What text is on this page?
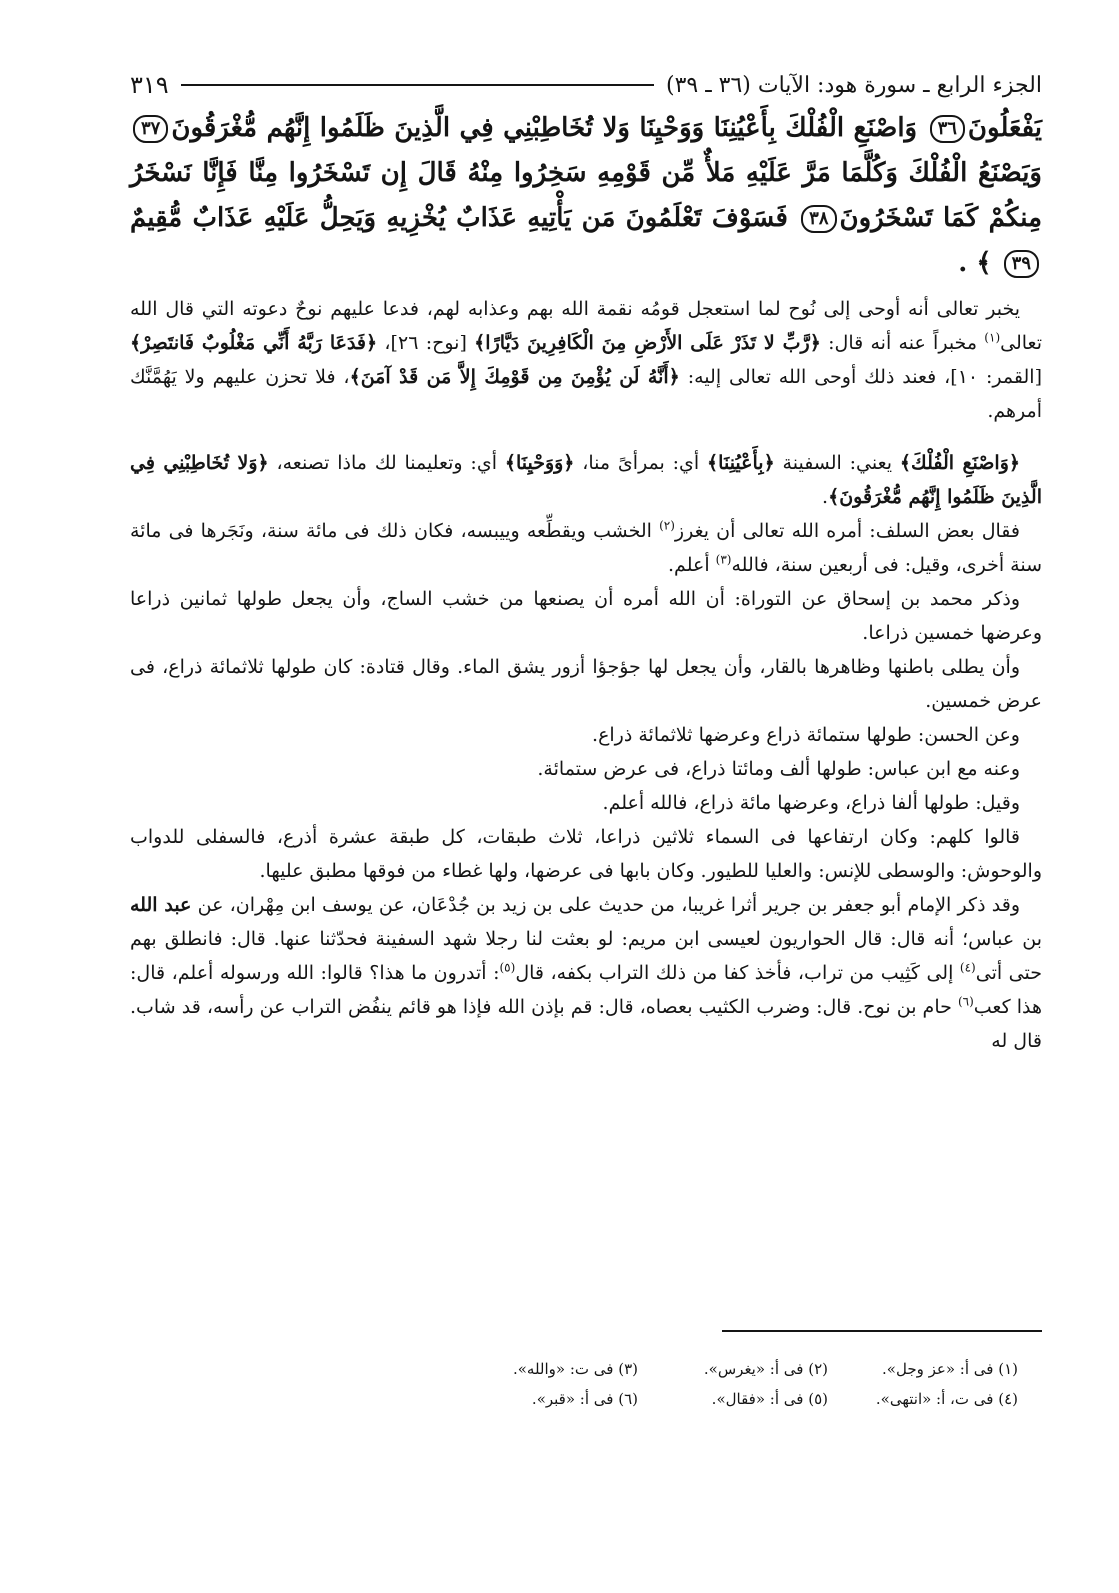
الجزء الرابع ـ سورة هود: الآيات (٣٦ ـ ٣٩)
٣١٩
يَفْعَلُونَ٣٦ وَاصْنَعِ الْفُلْكَ بِأَعْيُنِنَا وَوَحْيِنَا وَلا تُخَاطِبْنِي فِي الَّذِينَ ظَلَمُوا إِنَّهُم مُّغْرَقُونَ٣٧ وَيَصْنَعُ الْفُلْكَ وَكُلَّمَا مَرَّ عَلَيْهِ مَلأٌ مِّن قَوْمِهِ سَخِرُوا مِنْهُ قَالَ إِن تَسْخَرُوا مِنَّا فَإِنَّا نَسْخَرُ مِنكُمْ كَمَا تَسْخَرُونَ٣٨ فَسَوْفَ تَعْلَمُونَ مَن يَأْتِيهِ عَذَابٌ يُخْزِيهِ وَيَحِلُّ عَلَيْهِ عَذَابٌ مُّقِيمٌ٣٩ ﴾ .

يخبر تعالى أنه أوحى إلى نُوح لما استعجل قومُه نقمة الله بهم وعذابه لهم، فدعا عليهم نوحٌ دعوته التي قال الله تعالى$^{(١)}$ مخبراً عنه أنه قال: ﴿رَّبِّ لا تَذَرْ عَلَى الأَرْضِ مِنَ الْكَافِرِينَ دَيَّارًا﴾ [نوح: ٢٦]، ﴿فَدَعَا رَبَّهُ أَنِّي مَغْلُوبٌ فَانتَصِرْ﴾ [القمر: ١٠]، فعند ذلك أوحى الله تعالى إليه: ﴿أَنَّهُ لَن يُؤْمِنَ مِن قَوْمِكَ إِلاَّ مَن قَدْ آمَنَ﴾، فلا تحزن عليهم ولا يَهُمَّنَّك أمرهم.

﴿وَاصْنَعِ الْفُلْكَ﴾ يعني: السفينة ﴿بِأَعْيُنِنَا﴾ أي: بمرأىً منا، ﴿وَوَحْيِنَا﴾ أي: وتعليمنا لك ماذا تصنعه، ﴿وَلا تُخَاطِبْنِي فِي الَّذِينَ ظَلَمُوا إِنَّهُم مُّغْرَقُونَ﴾.

فقال بعض السلف: أمره الله تعالى أن يغرز$^{(٢)}$ الخشب ويقطِّعه وييبسه، فكان ذلك فى مائة سنة، ونَجَرها فى مائة سنة أخرى، وقيل: فى أربعين سنة، فالله$^{(٣)}$ أعلم.

وذكر محمد بن إسحاق عن التوراة: أن الله أمره أن يصنعها من خشب الساج، وأن يجعل طولها ثمانين ذراعا وعرضها خمسين ذراعا.

وأن يطلى باطنها وظاهرها بالقار، وأن يجعل لها جؤجؤا أزور يشق الماء. وقال قتادة: كان طولها ثلاثمائة ذراع، فى عرض خمسين.

وعن الحسن: طولها ستمائة ذراع وعرضها ثلاثمائة ذراع.

وعنه مع ابن عباس: طولها ألف ومائتا ذراع، فى عرض ستمائة.

وقيل: طولها ألفا ذراع، وعرضها مائة ذراع، فالله أعلم.

قالوا كلهم: وكان ارتفاعها فى السماء ثلاثين ذراعا، ثلاث طبقات، كل طبقة عشرة أذرع، فالسفلى للدواب والوحوش: والوسطى للإنس: والعليا للطيور. وكان بابها فى عرضها، ولها غطاء من فوقها مطبق عليها.

وقد ذكر الإمام أبو جعفر بن جرير أثرا غريبا، من حديث على بن زيد بن جُدْعَان، عن يوسف ابن مِهْران، عن عبد الله بن عباس؛ أنه قال: قال الحواريون لعيسى ابن مريم: لو بعثت لنا رجلا شهد السفينة فحدّثنا عنها. قال: فانطلق بهم حتى أتى$^{(٤)}$ إلى كَثِيب من تراب، فأخذ كفا من ذلك التراب بكفه، قال$^{(٥)}$: أتدرون ما هذا؟ قالوا: الله ورسوله أعلم، قال: هذا كعب$^{(٦)}$ حام بن نوح. قال: وضرب الكثيب بعصاه، قال: قم بإذن الله فإذا هو قائم ينفُض التراب عن رأسه، قد شاب. قال له

(١) فى أ: «عز وجل».
(٢) فى أ: «يغرس».
(٣) فى ت: «والله».
(٤) فى ت، أ: «انتهى».
(٥) فى أ: «فقال».
(٦) فى أ: «قبر».
